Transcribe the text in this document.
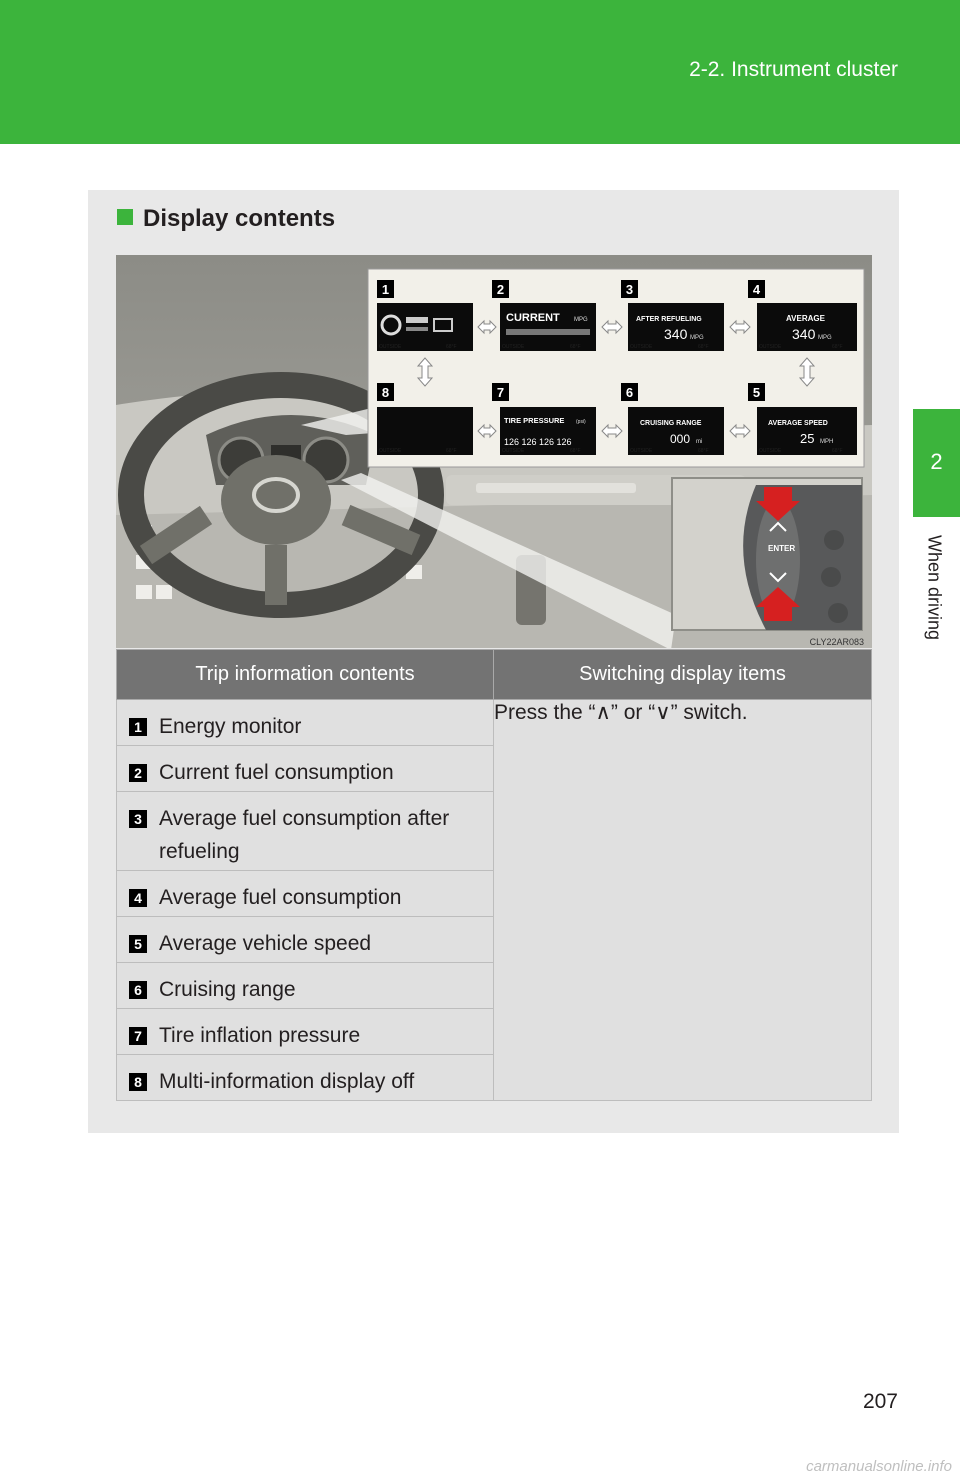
2-2. Instrument cluster
2
When driving
Display contents
1	2	3	4
8	7	6	5
CURRENT MPG	AFTER REFUELING
340 MPG
AVERAGE
340 MPG
TIRE PRESSURE (psi)
126 126 126 126
CRUISING RANGE
000 mi
AVERAGE SPEED
25 MPH
OUTSIDE	68°F	OUTSIDE	68°F	OUTSIDE	68°F	OUTSIDE	68°F
OUTSIDE	68°F	OUTSIDE	68°F	OUTSIDE	68°F	OUTSIDE	68°F
ENTER
CLY22AR083
Trip information contents	Switching display items

1 Energy monitor	Press the “∧” or “∨” switch.

2 Current fuel consumption	

3 Average fuel consumption after refueling	

4 Average fuel consumption	

5 Average vehicle speed	

6 Cruising range	

7 Tire inflation pressure	

8 Multi-information display off	
207
carmanualsonline.info
